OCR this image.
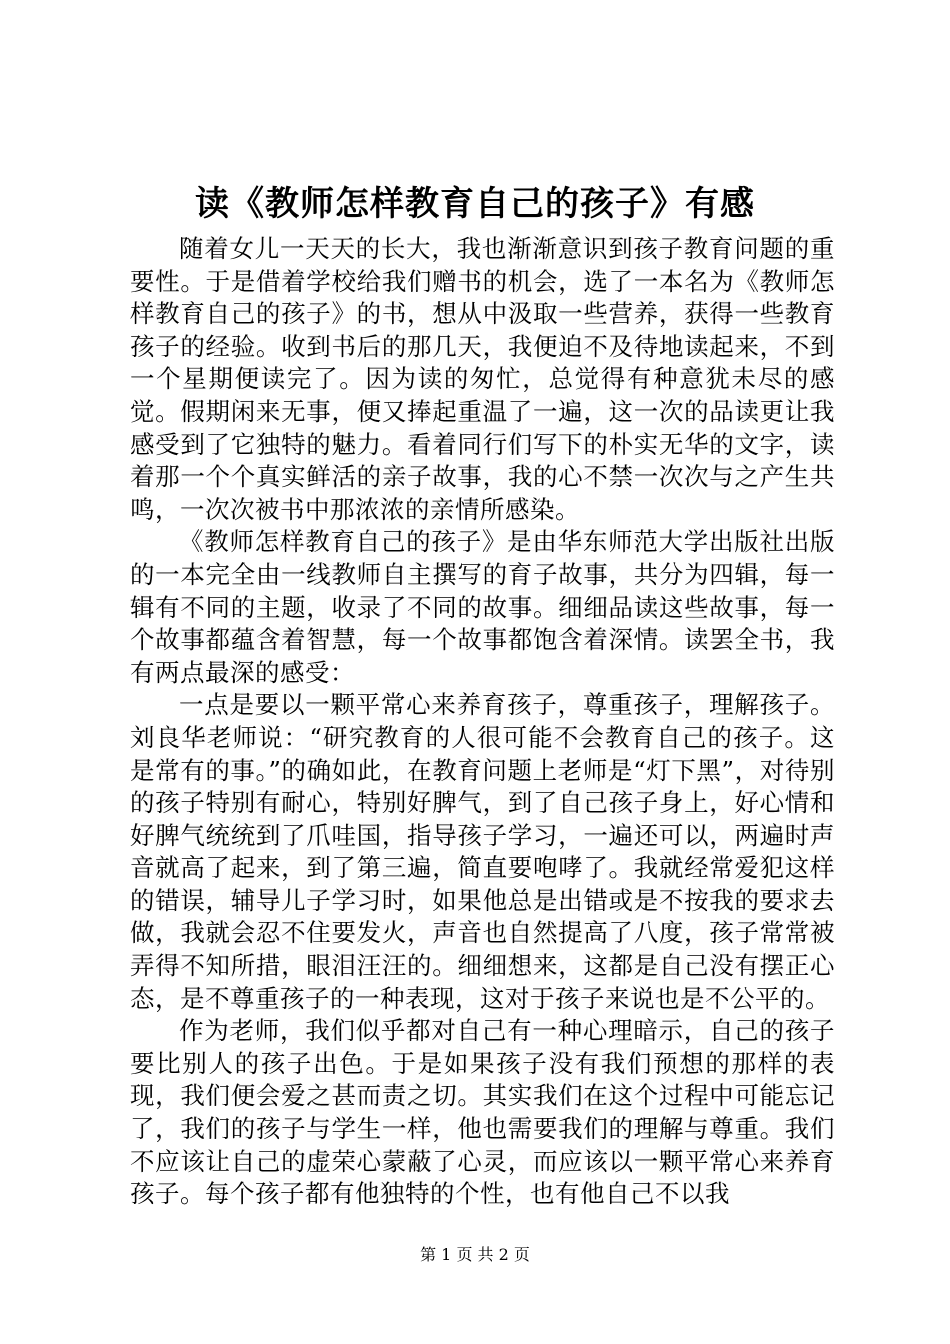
读《教师怎样教育自己的孩子》有感

随着女儿一天天的长大，我也渐渐意识到孩子教育问题的重要性。于是借着学校给我们赠书的机会，选了一本名为《教师怎样教育自己的孩子》的书，想从中汲取一些营养，获得一些教育孩子的经验。收到书后的那几天，我便迫不及待地读起来，不到一个星期便读完了。因为读的匆忙，总觉得有种意犹未尽的感觉。假期闲来无事，便又捧起重温了一遍，这一次的品读更让我感受到了它独特的魅力。看着同行们写下的朴实无华的文字，读着那一个个真实鲜活的亲子故事，我的心不禁一次次与之产生共鸣，一次次被书中那浓浓的亲情所感染。

《教师怎样教育自己的孩子》是由华东师范大学出版社出版的一本完全由一线教师自主撰写的育子故事，共分为四辑，每一辑有不同的主题，收录了不同的故事。细细品读这些故事，每一个故事都蕴含着智慧，每一个故事都饱含着深情。读罢全书，我有两点最深的感受：

一点是要以一颗平常心来养育孩子，尊重孩子，理解孩子。刘良华老师说：“研究教育的人很可能不会教育自己的孩子。这是常有的事。”的确如此，在教育问题上老师是“灯下黑”，对待别的孩子特别有耐心，特别好脾气，到了自己孩子身上，好心情和好脾气统统到了爪哇国，指导孩子学习，一遍还可以，两遍时声音就高了起来，到了第三遍，简直要咆哮了。我就经常爱犯这样的错误，辅导儿子学习时，如果他总是出错或是不按我的要求去做，我就会忍不住要发火，声音也自然提高了八度，孩子常常被弄得不知所措，眼泪汪汪的。细细想来，这都是自己没有摆正心态，是不尊重孩子的一种表现，这对于孩子来说也是不公平的。

作为老师，我们似乎都对自己有一种心理暗示，自己的孩子要比别人的孩子出色。于是如果孩子没有我们预想的那样的表现，我们便会爱之甚而责之切。其实我们在这个过程中可能忘记了，我们的孩子与学生一样，他也需要我们的理解与尊重。我们不应该让自己的虚荣心蒙蔽了心灵，而应该以一颗平常心来养育孩子。每个孩子都有他独特的个性，也有他自己不以我

第 1 页 共 2 页
